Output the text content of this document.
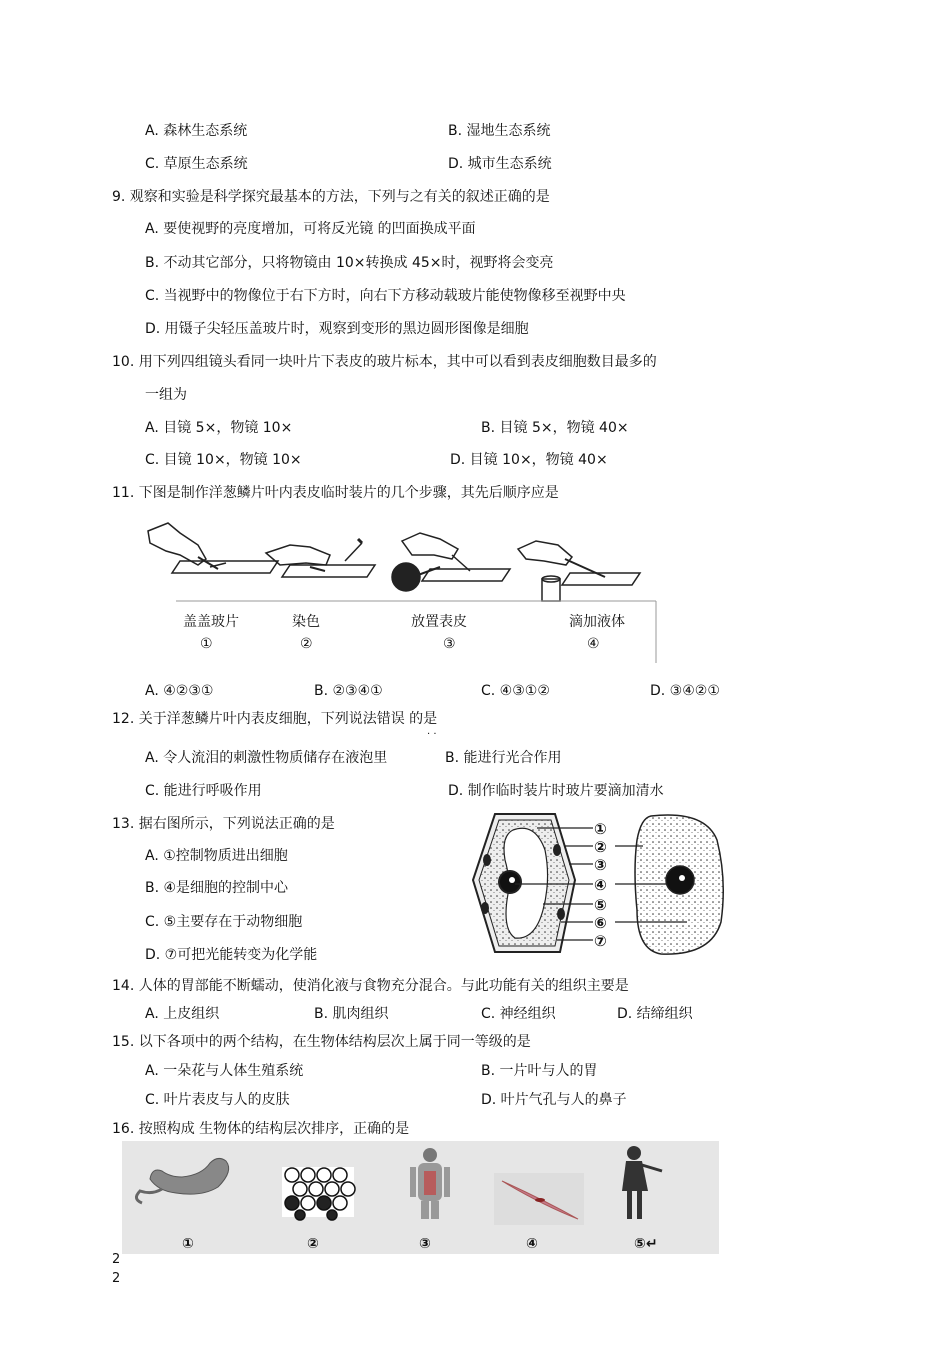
A. 森林生态系统	B. 湿地生态系统
C. 草原生态系统	D. 城市生态系统
9. 观察和实验是科学探究最基本的方法，下列与之有关的叙述正确的是
A. 要使视野的亮度增加，可将反光镜 的凹面换成平面
B. 不动其它部分，只将物镜由 10×转换成 45×时，视野将会变亮
C. 当视野中的物像位于右下方时，向右下方移动载玻片能使物像移至视野中央
D. 用镊子尖轻压盖玻片时，观察到变形的黑边圆形图像是细胞
10. 用下列四组镜头看同一块叶片下表皮的玻片标本，其中可以看到表皮细胞数目最多的
一组为
A. 目镜 5×，物镜 10×	B. 目镜 5×，物镜 40×
C. 目镜 10×，物镜 10×	D. 目镜 10×，物镜 40×
11. 下图是制作洋葱鳞片叶内表皮临时装片的几个步骤，其先后顺序应是
盖盖玻片
①
染色
②
放置表皮
③
滴加液体
④
A. ④②③①	B. ②③④①	C. ④③①②	D. ③④②①
12. 关于洋葱鳞片叶内表皮细胞，下列说法错误 的是
. .
A. 令人流泪的刺激性物质储存在液泡里	B. 能进行光合作用
C. 能进行呼吸作用	D. 制作临时装片时玻片要滴加清水
13. 据右图所示，下列说法正确的是
A. ①控制物质进出细胞
B. ④是细胞的控制中心
C. ⑤主要存在于动物细胞
D. ⑦可把光能转变为化学能
①
②
③
④
⑤
⑥
⑦
14. 人体的胃部能不断蠕动，使消化液与食物充分混合。与此功能有关的组织主要是
A. 上皮组织	B. 肌肉组织	C. 神经组织	D. 结缔组织
15. 以下各项中的两个结构，在生物体结构层次上属于同一等级的是
A. 一朵花与人体生殖系统	B. 一片叶与人的胃
C. 叶片表皮与人的皮肤	D. 叶片气孔与人的鼻子
16. 按照构成 生物体的结构层次排序，正确的是
①	②	③	④	⑤↵
2
2
